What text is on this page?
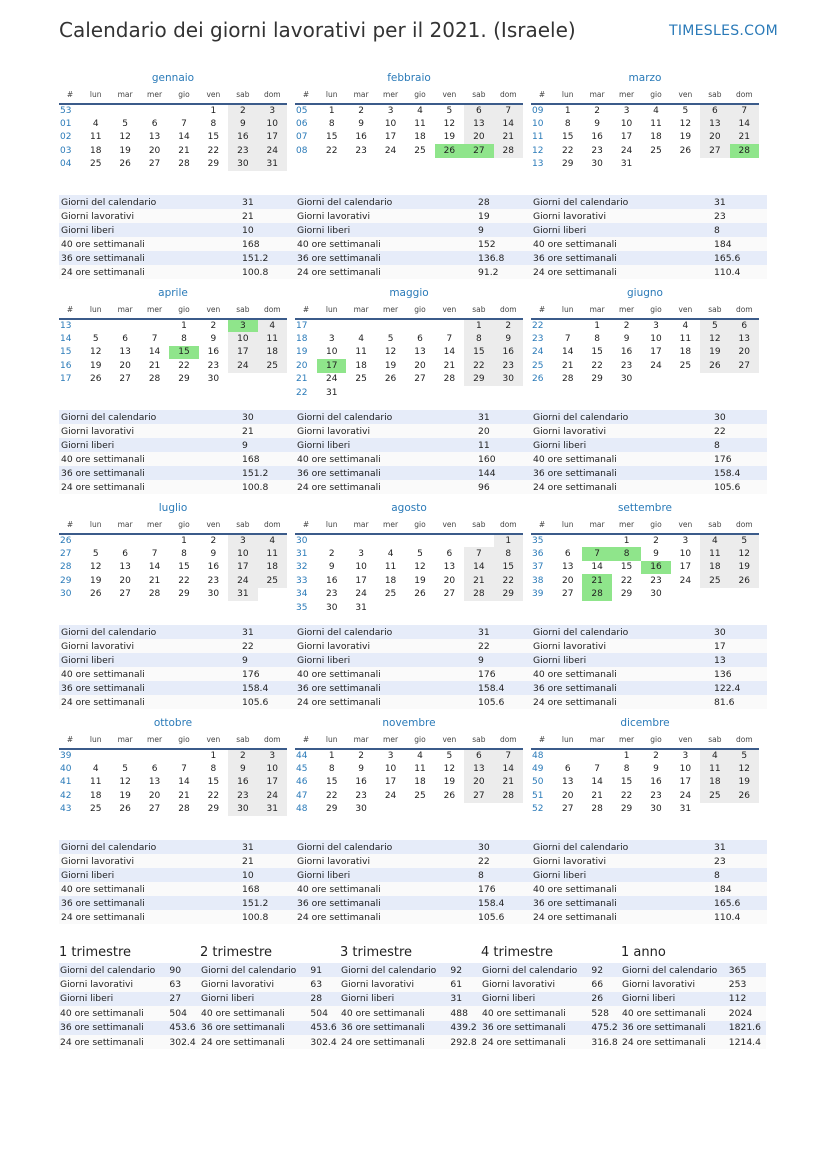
Calendario dei giorni lavorativi per il 2021. (Israele)	TIMESLES.COM
gennaio
#	lun	mar	mer	gio	ven	sab	dom
53					1	2	3
01	4	5	6	7	8	9	10
02	11	12	13	14	15	16	17
03	18	19	20	21	22	23	24
04	25	26	27	28	29	30	31
Giorni del calendario	31
Giorni lavorativi	21
Giorni liberi	10
40 ore settimanali	168
36 ore settimanali	151.2
24 ore settimanali	100.8
febbraio
#	lun	mar	mer	gio	ven	sab	dom
05	1	2	3	4	5	6	7
06	8	9	10	11	12	13	14
07	15	16	17	18	19	20	21
08	22	23	24	25	26	27	28
Giorni del calendario	28
Giorni lavorativi	19
Giorni liberi	9
40 ore settimanali	152
36 ore settimanali	136.8
24 ore settimanali	91.2
marzo
#	lun	mar	mer	gio	ven	sab	dom
09	1	2	3	4	5	6	7
10	8	9	10	11	12	13	14
11	15	16	17	18	19	20	21
12	22	23	24	25	26	27	28
13	29	30	31				
Giorni del calendario	31
Giorni lavorativi	23
Giorni liberi	8
40 ore settimanali	184
36 ore settimanali	165.6
24 ore settimanali	110.4
aprile
#	lun	mar	mer	gio	ven	sab	dom
13				1	2	3	4
14	5	6	7	8	9	10	11
15	12	13	14	15	16	17	18
16	19	20	21	22	23	24	25
17	26	27	28	29	30		
Giorni del calendario	30
Giorni lavorativi	21
Giorni liberi	9
40 ore settimanali	168
36 ore settimanali	151.2
24 ore settimanali	100.8
maggio
#	lun	mar	mer	gio	ven	sab	dom
17						1	2
18	3	4	5	6	7	8	9
19	10	11	12	13	14	15	16
20	17	18	19	20	21	22	23
21	24	25	26	27	28	29	30
22	31						
Giorni del calendario	31
Giorni lavorativi	20
Giorni liberi	11
40 ore settimanali	160
36 ore settimanali	144
24 ore settimanali	96
giugno
#	lun	mar	mer	gio	ven	sab	dom
22		1	2	3	4	5	6
23	7	8	9	10	11	12	13
24	14	15	16	17	18	19	20
25	21	22	23	24	25	26	27
26	28	29	30				
Giorni del calendario	30
Giorni lavorativi	22
Giorni liberi	8
40 ore settimanali	176
36 ore settimanali	158.4
24 ore settimanali	105.6
luglio
#	lun	mar	mer	gio	ven	sab	dom
26				1	2	3	4
27	5	6	7	8	9	10	11
28	12	13	14	15	16	17	18
29	19	20	21	22	23	24	25
30	26	27	28	29	30	31	
Giorni del calendario	31
Giorni lavorativi	22
Giorni liberi	9
40 ore settimanali	176
36 ore settimanali	158.4
24 ore settimanali	105.6
agosto
#	lun	mar	mer	gio	ven	sab	dom
30							1
31	2	3	4	5	6	7	8
32	9	10	11	12	13	14	15
33	16	17	18	19	20	21	22
34	23	24	25	26	27	28	29
35	30	31					
Giorni del calendario	31
Giorni lavorativi	22
Giorni liberi	9
40 ore settimanali	176
36 ore settimanali	158.4
24 ore settimanali	105.6
settembre
#	lun	mar	mer	gio	ven	sab	dom
35			1	2	3	4	5
36	6	7	8	9	10	11	12
37	13	14	15	16	17	18	19
38	20	21	22	23	24	25	26
39	27	28	29	30			
Giorni del calendario	30
Giorni lavorativi	17
Giorni liberi	13
40 ore settimanali	136
36 ore settimanali	122.4
24 ore settimanali	81.6
ottobre
#	lun	mar	mer	gio	ven	sab	dom
39					1	2	3
40	4	5	6	7	8	9	10
41	11	12	13	14	15	16	17
42	18	19	20	21	22	23	24
43	25	26	27	28	29	30	31
Giorni del calendario	31
Giorni lavorativi	21
Giorni liberi	10
40 ore settimanali	168
36 ore settimanali	151.2
24 ore settimanali	100.8
novembre
#	lun	mar	mer	gio	ven	sab	dom
44	1	2	3	4	5	6	7
45	8	9	10	11	12	13	14
46	15	16	17	18	19	20	21
47	22	23	24	25	26	27	28
48	29	30					
Giorni del calendario	30
Giorni lavorativi	22
Giorni liberi	8
40 ore settimanali	176
36 ore settimanali	158.4
24 ore settimanali	105.6
dicembre
#	lun	mar	mer	gio	ven	sab	dom
48			1	2	3	4	5
49	6	7	8	9	10	11	12
50	13	14	15	16	17	18	19
51	20	21	22	23	24	25	26
52	27	28	29	30	31		
Giorni del calendario	31
Giorni lavorativi	23
Giorni liberi	8
40 ore settimanali	184
36 ore settimanali	165.6
24 ore settimanali	110.4
1 trimestre
Giorni del calendario	90
Giorni lavorativi	63
Giorni liberi	27
40 ore settimanali	504
36 ore settimanali	453.6
24 ore settimanali	302.4
2 trimestre
Giorni del calendario	91
Giorni lavorativi	63
Giorni liberi	28
40 ore settimanali	504
36 ore settimanali	453.6
24 ore settimanali	302.4
3 trimestre
Giorni del calendario	92
Giorni lavorativi	61
Giorni liberi	31
40 ore settimanali	488
36 ore settimanali	439.2
24 ore settimanali	292.8
4 trimestre
Giorni del calendario	92
Giorni lavorativi	66
Giorni liberi	26
40 ore settimanali	528
36 ore settimanali	475.2
24 ore settimanali	316.8
1 anno
Giorni del calendario	365
Giorni lavorativi	253
Giorni liberi	112
40 ore settimanali	2024
36 ore settimanali	1821.6
24 ore settimanali	1214.4
